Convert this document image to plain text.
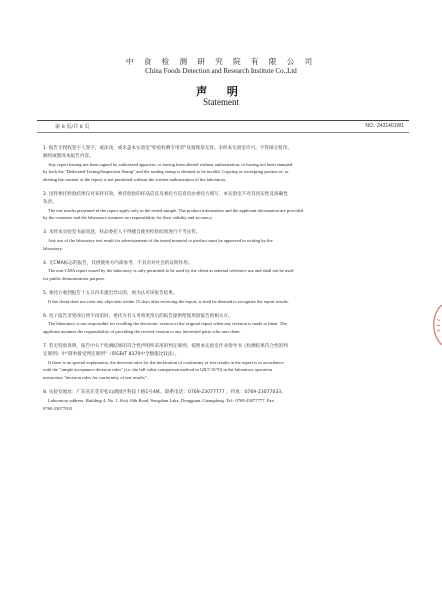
中 食 检 测 研 究 院 有 限 公 司
China Foods Detection and Research Institute Co.,Ltd
声 明
Statement
第 8 页/共 8 页	NO.: 2431401W1
1. 报告无授权签字人签字，或涂改，或未盖本实验室"检验检测专用章"及骑缝章无效。未经本实验室许可，不得部分复印、
摘用或篡改本报告内容。
Any report having not been signed by authorized approver, or having been altered without authorization, or having not been stamped
by both the "Dedicated Testing/Inspection Stamp" and the sealing stamp is deemed to be invalid. Copying or excerpting portion of, or
altering the content of the report is not permitted without the written authorization of the laboratory.
2. 送样委托检验结果仅对来样有效。委托检验的样品信息及委托方信息均由委托方填写，本实验室不对其真实性及准确性
负责。
The test results presented in the report apply only to the tested sample. The product information and the applicant information are provided
by the customer and the laboratory assumes no responsibility for their validity and accuracy.
3. 未经本实验室书面同意，样品委托人不得擅自使用检验结果进行不当宣传。
Any use of the laboratory test result for advertisement of the tested material or product must be approved in writing by the
laboratory.
4. 无CMA标志的报告，仅供使用方内部参考，不具有对社会的证明作用。
The non-CMA report issued by the laboratory is only permitted to be used by the client as internal reference use and shall not be used
for public demonstration purpose.
5. 委托方收到报告十五日内未提出异议的，视为认可该报告结果。
If the client does not raise any objection within 15 days after receiving the report, it shall be deemed to recognize the report results.
6. 电子报告非更改后将不再追回，委托方有义务将更改后的报告提供给使用原报告的相关方。
The laboratory is not responsible for recalling the electronic version of the original report when any revision is made to them. The
applicant assumes the responsibility of providing the revised version to any interested party who uses them.
7. 若无特别说明，报告中关于检测结果的符合性声明所采用的判定规则，按照本实验室作业指导书《检测结果符合性的判
定规则》中"简单接受判定规则"（即GB/T 8170中全数值比较法）。
If there is no special explanation, the decision rules for the declaration of conformity of test results in the report is in accordance
with the "simple acceptance decision rules" (i.e. the full value comparison method in GB/T 8170) in the laboratory operation
instruction "decision rules for conformity of test results".
8. 实验室地址：广东省东莞市松山湖园区科技十路1号4栋。联系电话：0769-23077777 ，传真：0769-23077033。
Laboratory address: Building 4, No. 1, Keji 10th Road, Songshan Lake, Dongguan, Guangdong. Tel.: 0769-23077777. Fax:
0769-23077033.
